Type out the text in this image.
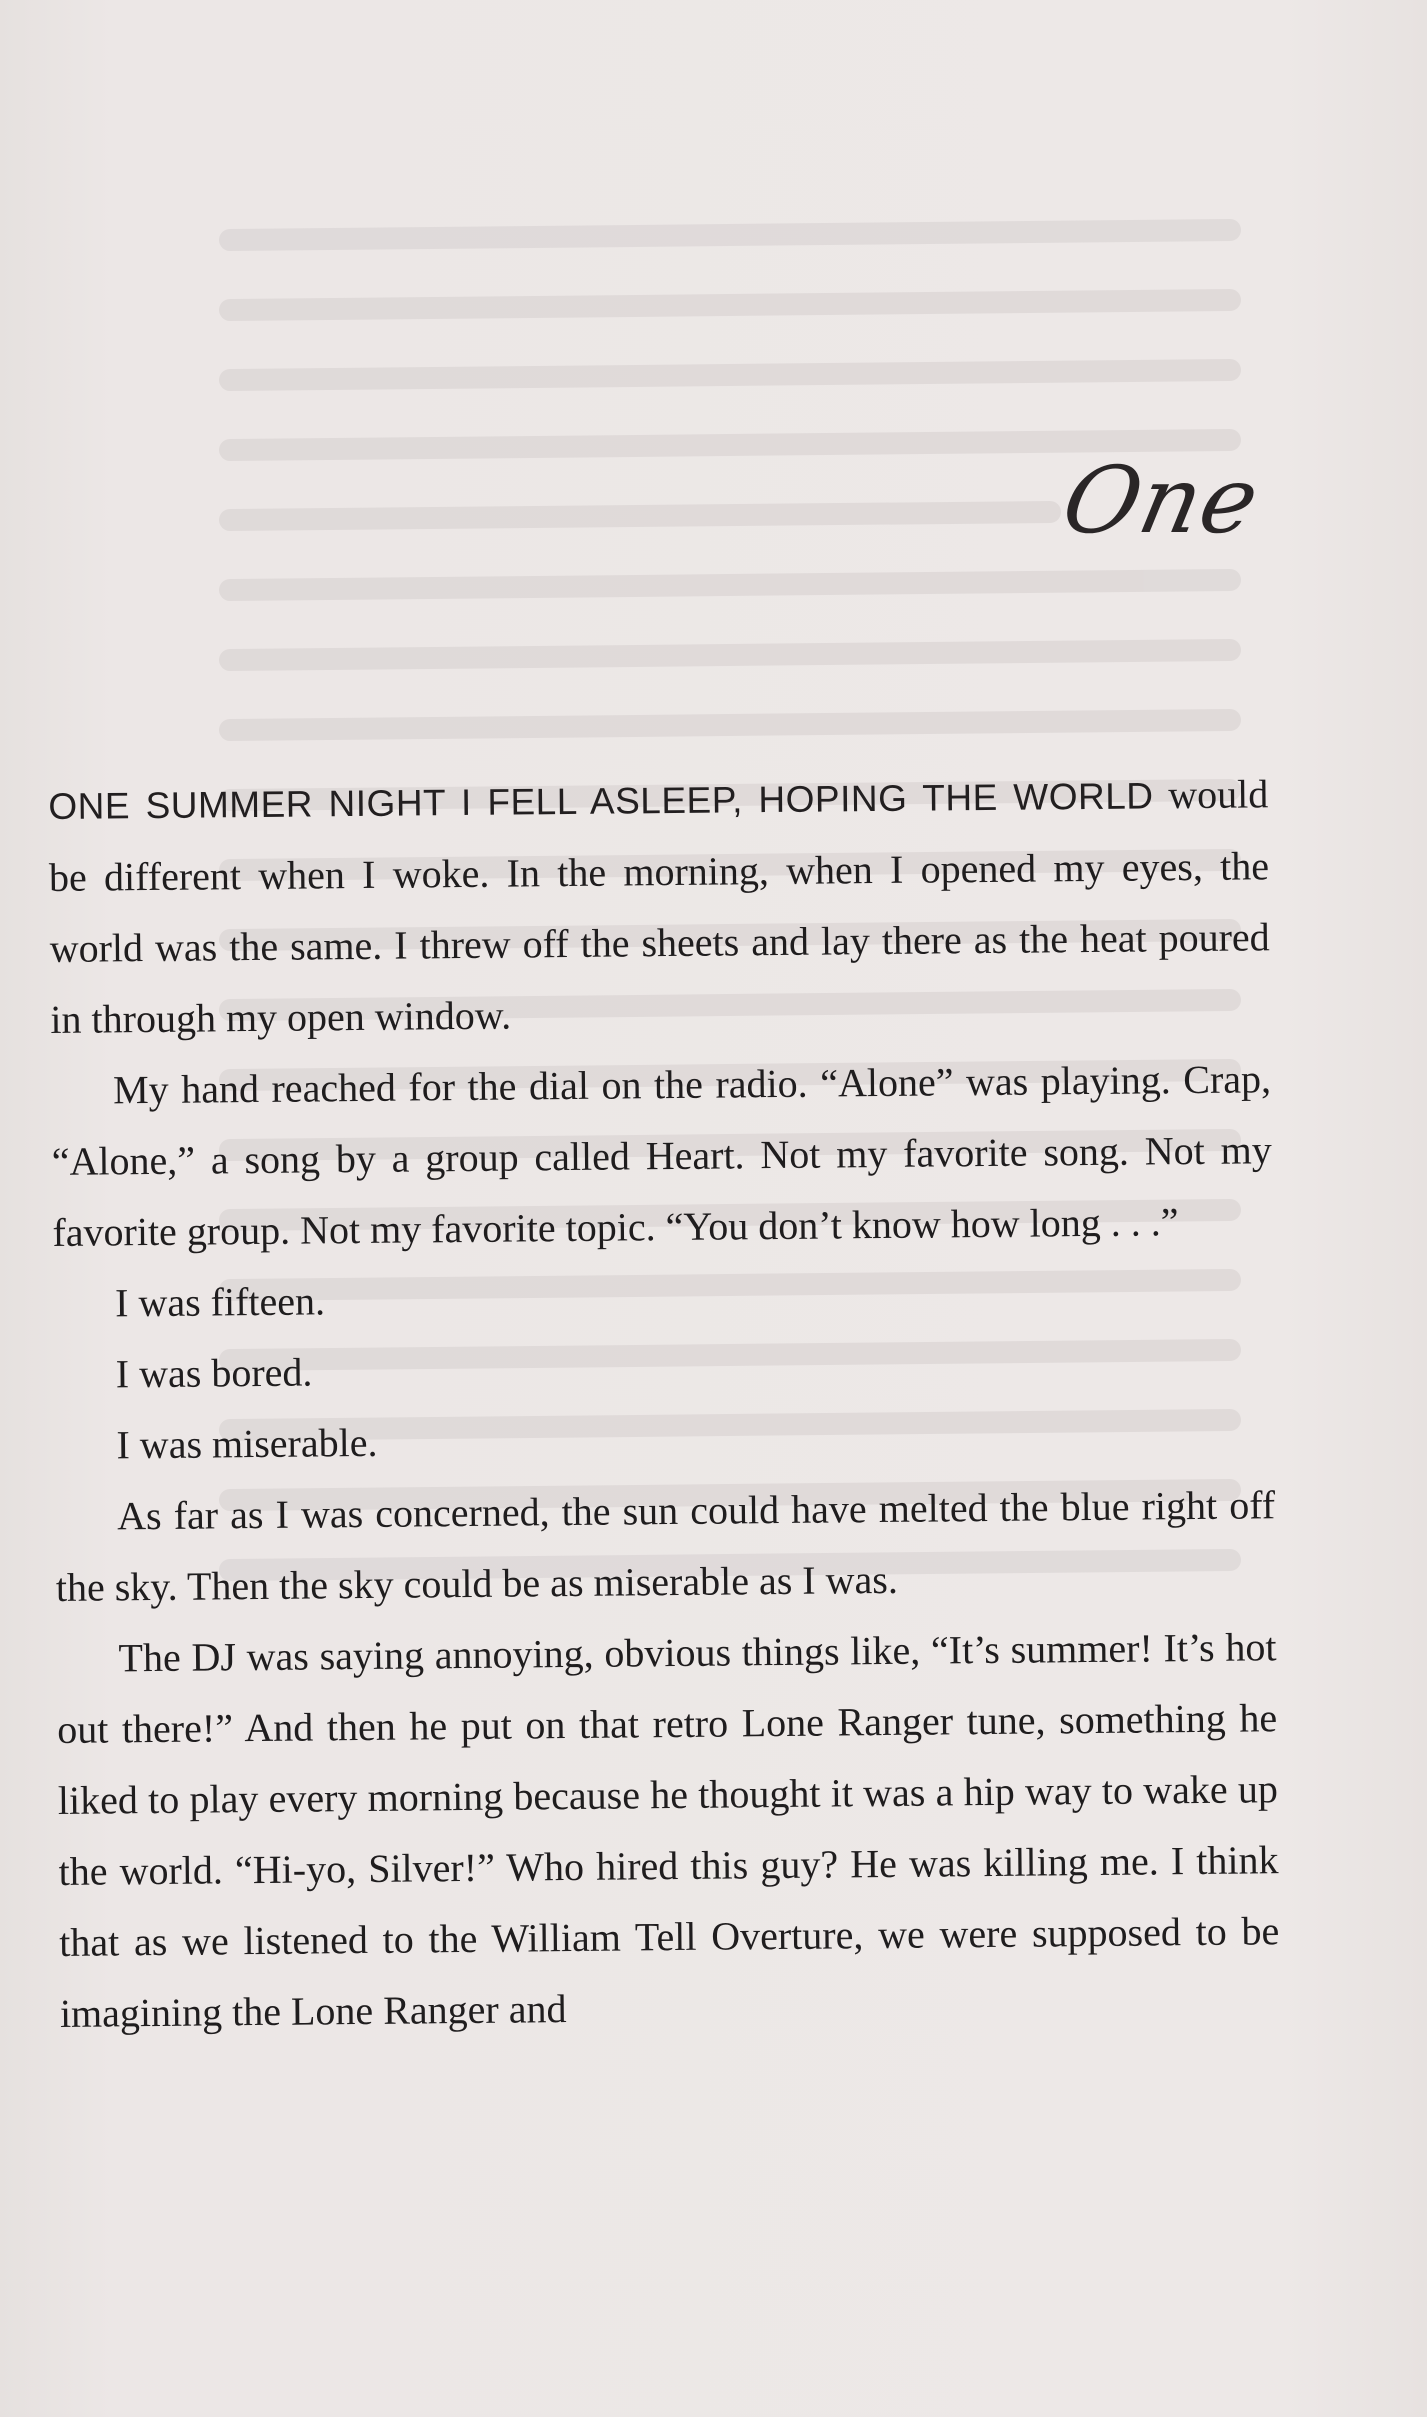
One

ONE SUMMER NIGHT I FELL ASLEEP, HOPING THE WORLD would be different when I woke. In the morning, when I opened my eyes, the world was the same. I threw off the sheets and lay there as the heat poured in through my open window.

My hand reached for the dial on the radio. “Alone” was playing. Crap, “Alone,” a song by a group called Heart. Not my favorite song. Not my favorite group. Not my favorite topic. “You don’t know how long . . .”

I was fifteen.

I was bored.

I was miserable.

As far as I was concerned, the sun could have melted the blue right off the sky. Then the sky could be as miserable as I was.

The DJ was saying annoying, obvious things like, “It’s summer! It’s hot out there!” And then he put on that retro Lone Ranger tune, something he liked to play every morning because he thought it was a hip way to wake up the world. “Hi-yo, Silver!” Who hired this guy? He was killing me. I think that as we listened to the William Tell Overture, we were supposed to be imagining the Lone Ranger and
